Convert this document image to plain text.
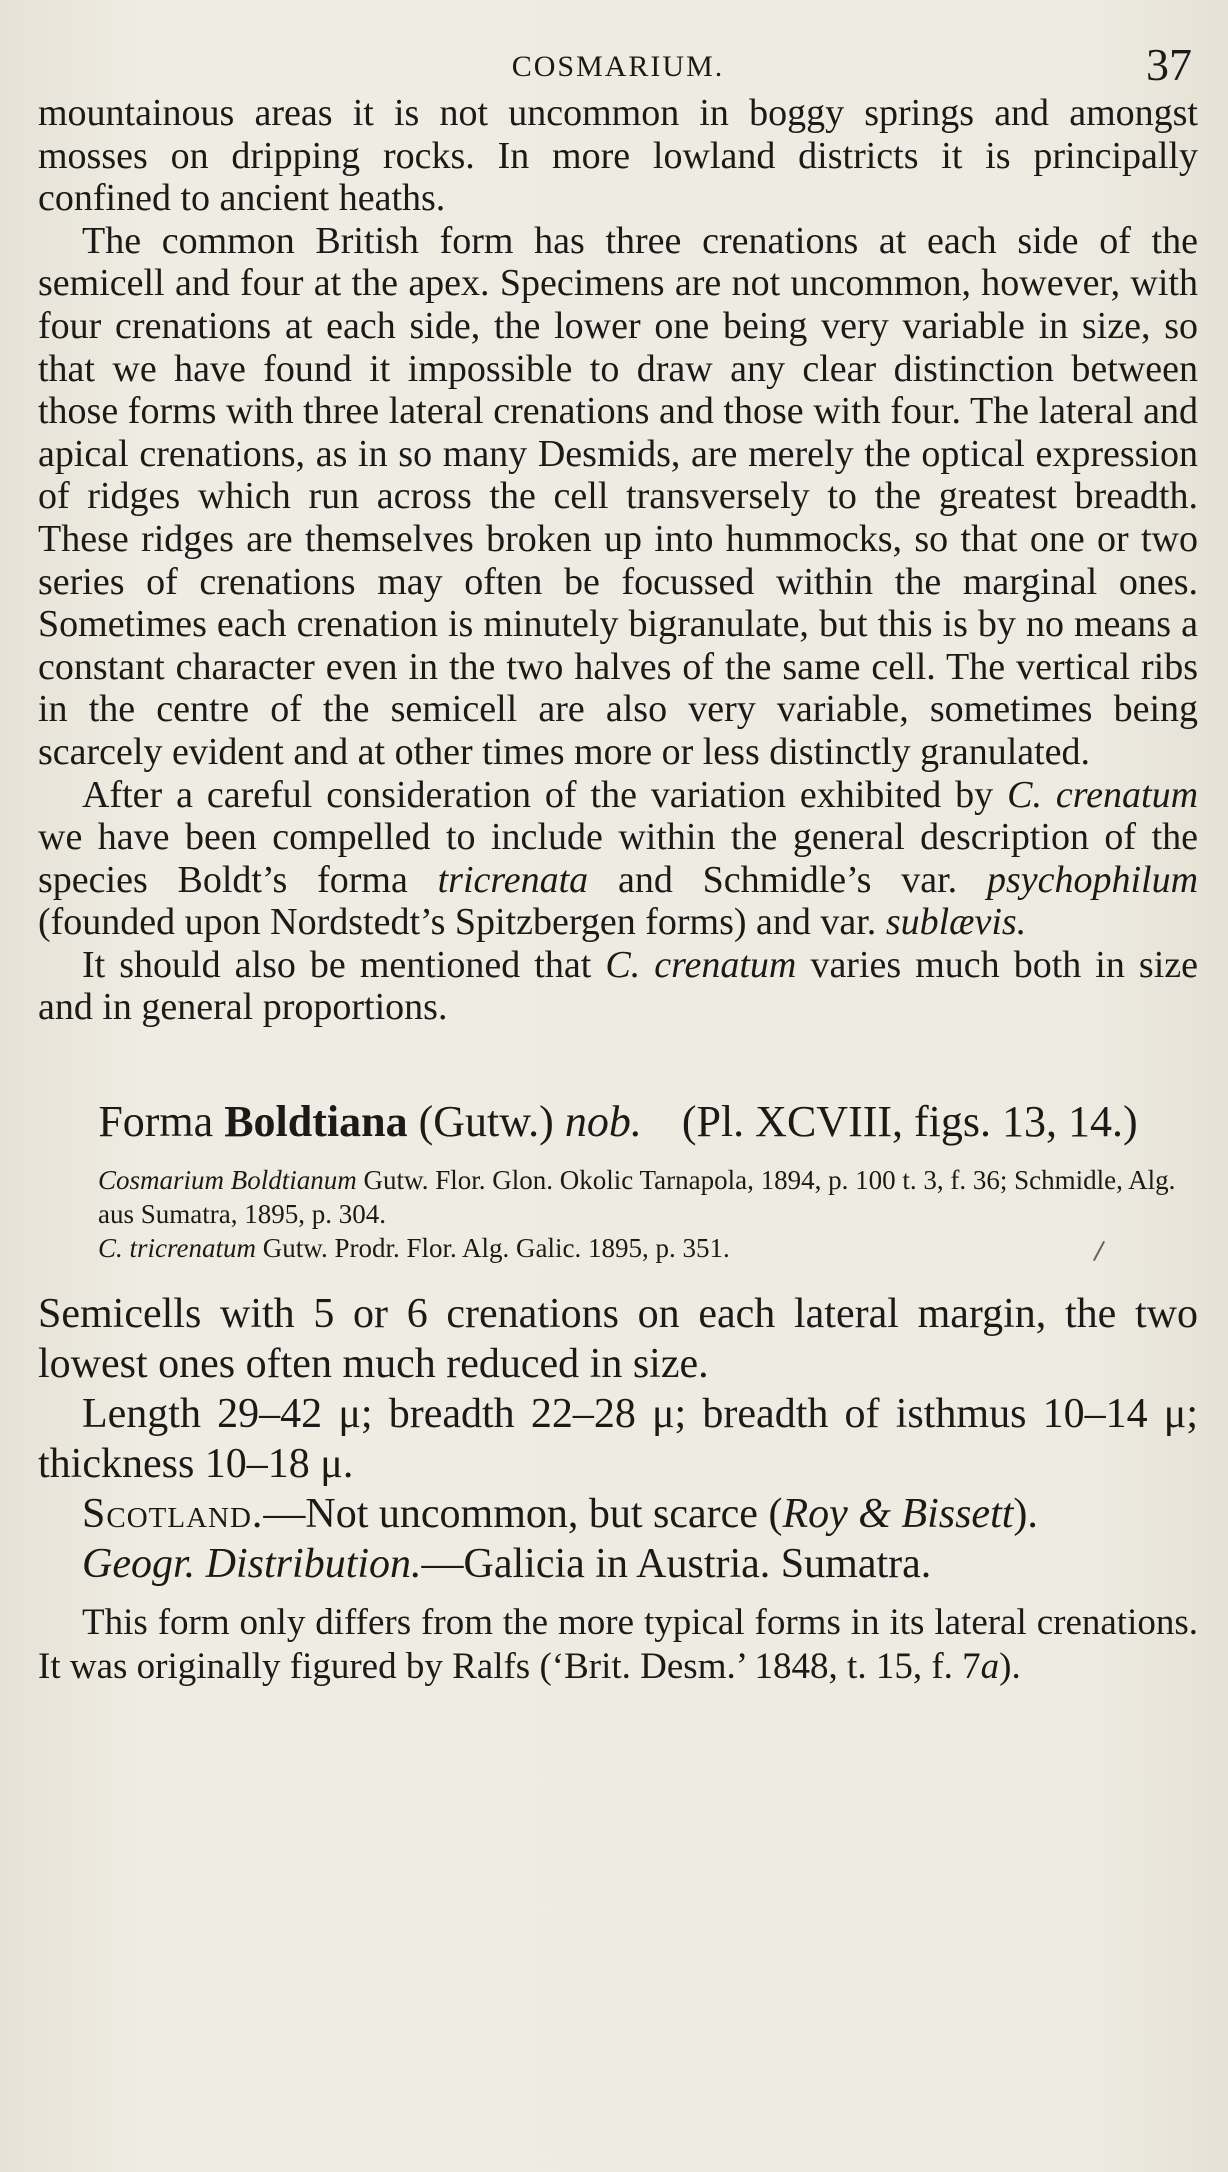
COSMARIUM.	37

mountainous areas it is not uncommon in boggy springs and amongst mosses on dripping rocks. In more lowland districts it is principally confined to ancient heaths.

The common British form has three crenations at each side of the semicell and four at the apex. Specimens are not uncommon, however, with four crenations at each side, the lower one being very variable in size, so that we have found it impossible to draw any clear distinction between those forms with three lateral crenations and those with four. The lateral and apical crenations, as in so many Desmids, are merely the optical expression of ridges which run across the cell transversely to the greatest breadth. These ridges are themselves broken up into hummocks, so that one or two series of crenations may often be focussed within the marginal ones. Sometimes each crenation is minutely bigranulate, but this is by no means a constant character even in the two halves of the same cell. The vertical ribs in the centre of the semicell are also very variable, sometimes being scarcely evident and at other times more or less distinctly granulated.

After a careful consideration of the variation exhibited by C. crenatum we have been compelled to include within the general description of the species Boldt’s forma tricrenata and Schmidle’s var. psychophilum (founded upon Nordstedt’s Spitzbergen forms) and var. sublævis.

It should also be mentioned that C. crenatum varies much both in size and in general proportions.

Forma Boldtiana (Gutw.) nob. (Pl. XCVIII, figs. 13, 14.)

Cosmarium Boldtianum Gutw. Flor. Glon. Okolic Tarnapola, 1894, p. 100 t. 3, f. 36; Schmidle, Alg. aus Sumatra, 1895, p. 304.

C. tricrenatum Gutw. Prodr. Flor. Alg. Galic. 1895, p. 351.

Semicells with 5 or 6 crenations on each lateral margin, the two lowest ones often much reduced in size.

Length 29–42 μ; breadth 22–28 μ; breadth of isthmus 10–14 μ; thickness 10–18 μ.

Scotland.—Not uncommon, but scarce (Roy & Bissett).

Geogr. Distribution.—Galicia in Austria. Sumatra.

This form only differs from the more typical forms in its lateral crenations. It was originally figured by Ralfs (‘Brit. Desm.’ 1848, t. 15, f. 7a).
